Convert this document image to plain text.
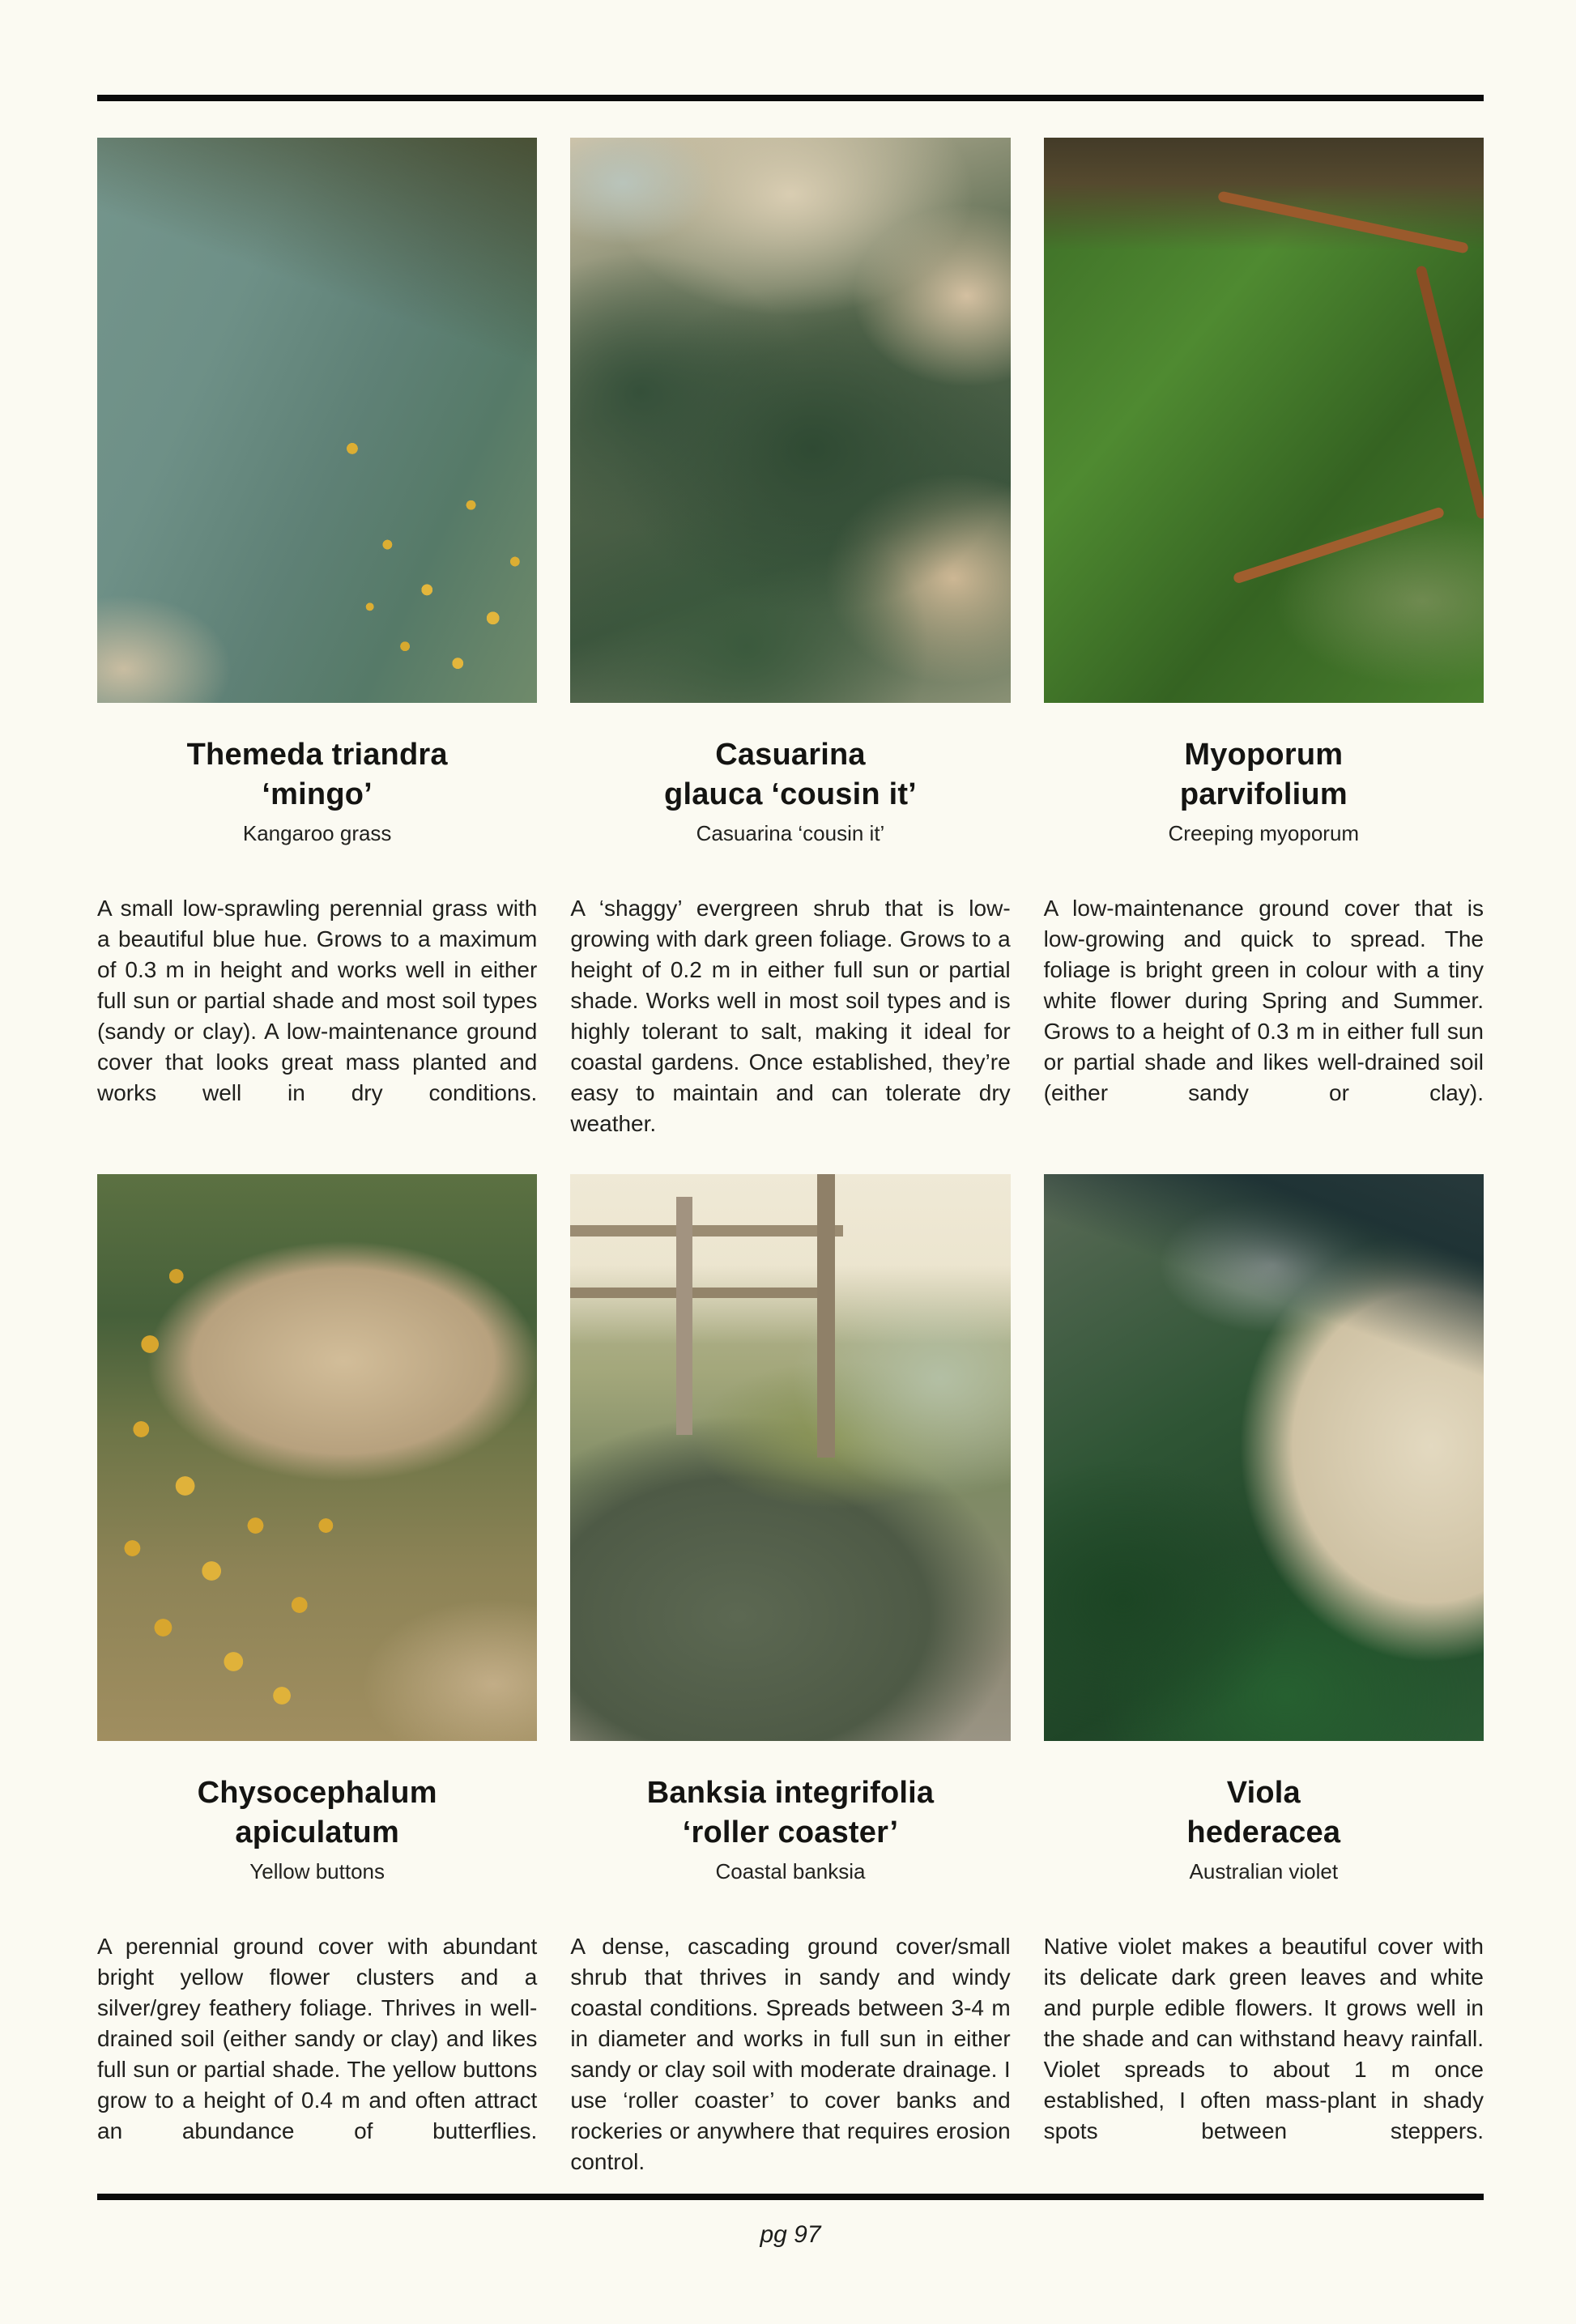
Themeda triandra
‘mingo’
Kangaroo grass
A small low-sprawling perennial grass with a beautiful blue hue. Grows to a maximum of 0.3 m in height and works well in either full sun or partial shade and most soil types (sandy or clay). A low-maintenance ground cover that looks great mass planted and works well in dry conditions.
Casuarina
glauca ‘cousin it’
Casuarina ‘cousin it’
A ‘shaggy’ evergreen shrub that is low-growing with dark green foliage. Grows to a height of 0.2 m in either full sun or partial shade. Works well in most soil types and is highly tolerant to salt, making it ideal for coastal gardens. Once established, they’re easy to maintain and can tolerate dry weather.
Myoporum
parvifolium
Creeping myoporum
A low-maintenance ground cover that is low-growing and quick to spread. The foliage is bright green in colour with a tiny white flower during Spring and Summer. Grows to a height of 0.3 m in either full sun or partial shade and likes well-drained soil (either sandy or clay).
Chysocephalum
apiculatum
Yellow buttons
A perennial ground cover with abundant bright yellow flower clusters and a silver/grey feathery foliage. Thrives in well-drained soil (either sandy or clay) and likes full sun or partial shade. The yellow buttons grow to a height of 0.4 m and often attract an abundance of butterflies.
Banksia integrifolia
‘roller coaster’
Coastal banksia
A dense, cascading ground cover/small shrub that thrives in sandy and windy coastal conditions. Spreads between 3-4 m in diameter and works in full sun in either sandy or clay soil with moderate drainage. I use ‘roller coaster’ to cover banks and rockeries or anywhere that requires erosion control.
Viola
hederacea
Australian violet
Native violet makes a beautiful cover with its delicate dark green leaves and white and purple edible flowers. It grows well in the shade and can withstand heavy rainfall. Violet spreads to about 1 m once established, I often mass-plant in shady spots between steppers.
pg 97
